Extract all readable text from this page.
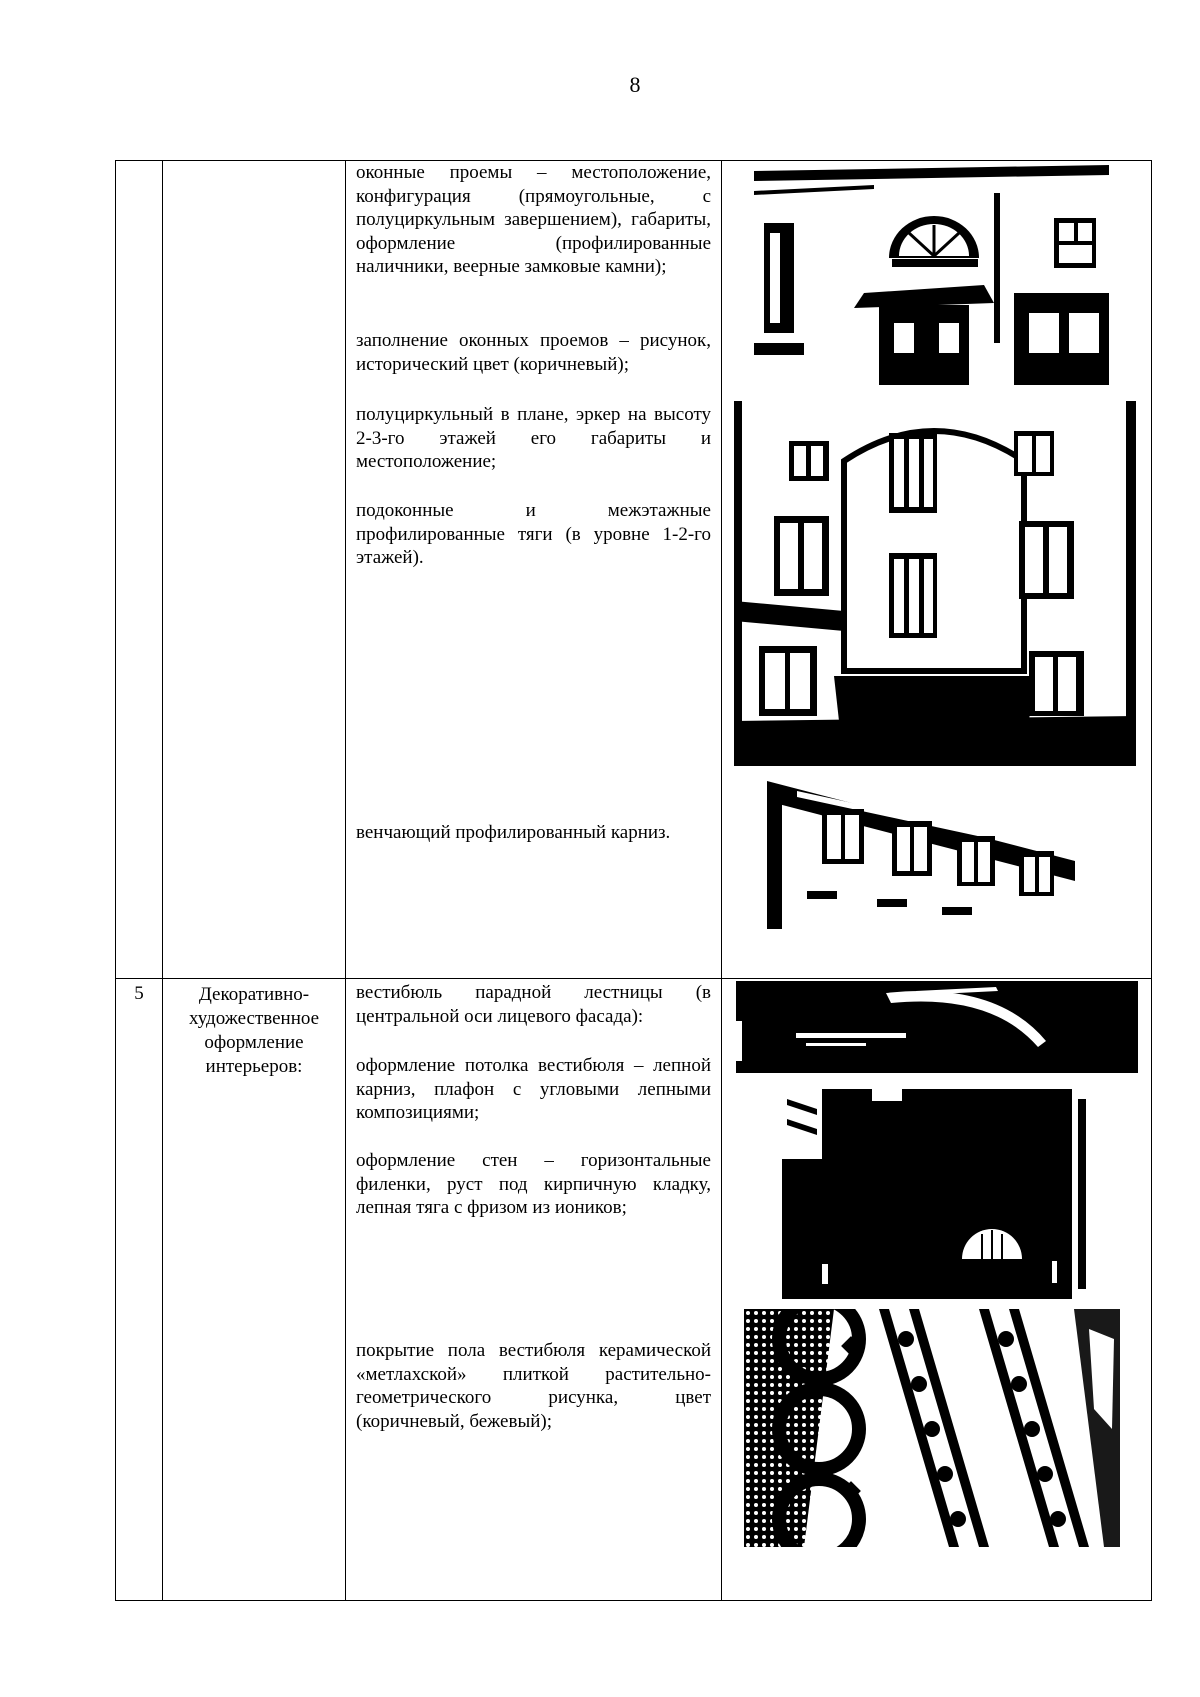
8

		оконные проемы – местоположение, конфигурация (прямоугольные, с полуциркульным завершением), габариты, оформление (профилированные наличники, веерные замковые камни);
заполнение оконных проемов – рисунок, исторический цвет (коричневый);
полуциркульный в плане, эркер на высоту 2-3-го этажей его габариты и местоположение;
подоконные и межэтажные профилированные тяги (в уровне 1-2-го этажей).
венчающий профилированный карниз.

5	Декоративно-художественное оформление интерьеров:	вестибюль парадной лестницы (в центральной оси лицевого фасада):
оформление потолка вестибюля – лепной карниз, плафон с угловыми лепными композициями;
оформление стен – горизонтальные филенки, руст под кирпичную кладку, лепная тяга с фризом из иоников;
покрытие пола вестибюля керамической «метлахской» плиткой растительно-геометрического рисунка, цвет (коричневый, бежевый);
